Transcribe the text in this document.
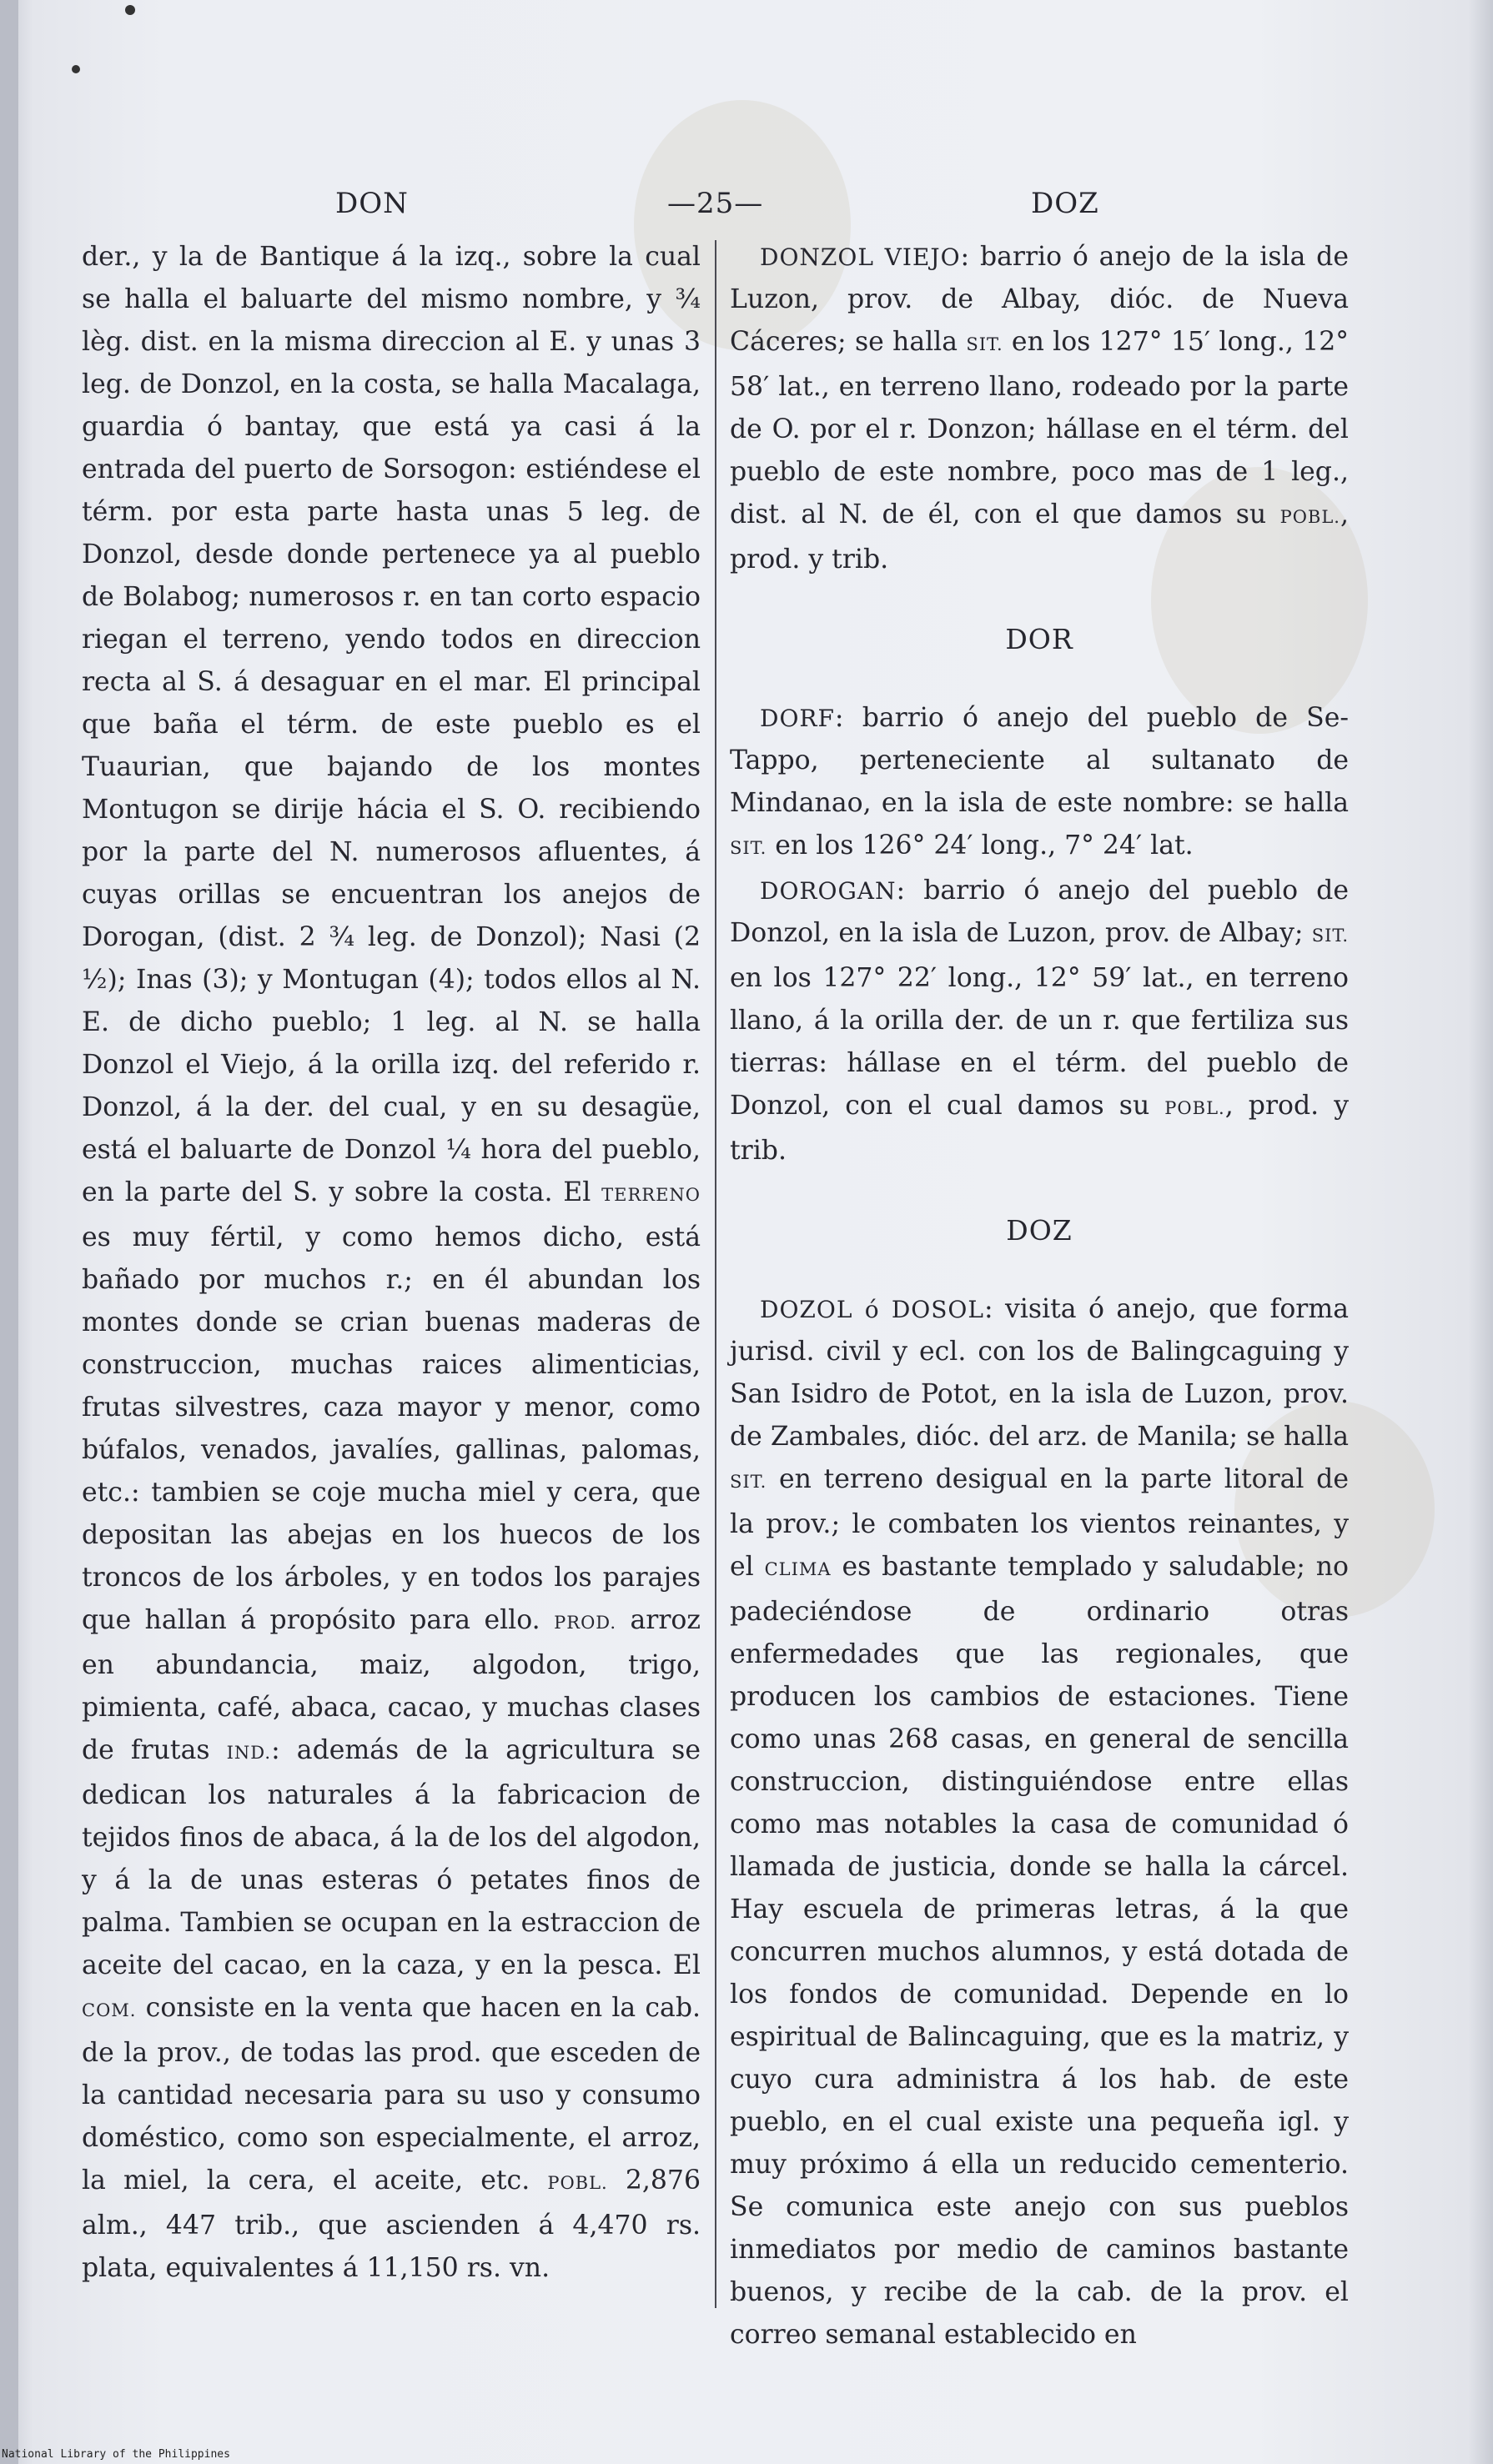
DON	—25—	DOZ

der., y la de Bantique á la izq., sobre la cual se halla el baluarte del mismo nombre, y ¾ lèg. dist. en la misma direccion al E. y unas 3 leg. de Donzol, en la costa, se halla Macalaga, guardia ó bantay, que está ya casi á la entrada del puerto de Sorsogon: estiéndese el térm. por esta parte hasta unas 5 leg. de Donzol, desde donde pertenece ya al pueblo de Bolabog; numerosos r. en tan corto espacio riegan el terreno, yendo todos en direccion recta al S. á desaguar en el mar. El principal que baña el térm. de este pueblo es el Tuaurian, que bajando de los montes Montugon se dirije hácia el S. O. recibiendo por la parte del N. numerosos afluentes, á cuyas orillas se encuentran los anejos de Dorogan, (dist. 2 ¾ leg. de Donzol); Nasi (2 ½); Inas (3); y Montugan (4); todos ellos al N. E. de dicho pueblo; 1 leg. al N. se halla Donzol el Viejo, á la orilla izq. del referido r. Donzol, á la der. del cual, y en su desagüe, está el baluarte de Donzol ¼ hora del pueblo, en la parte del S. y sobre la costa. El TERRENO es muy fértil, y como hemos dicho, está bañado por muchos r.; en él abundan los montes donde se crian buenas maderas de construccion, muchas raices alimenticias, frutas silvestres, caza mayor y menor, como búfalos, venados, javalíes, gallinas, palomas, etc.: tambien se coje mucha miel y cera, que depositan las abejas en los huecos de los troncos de los árboles, y en todos los parajes que hallan á propósito para ello. PROD. arroz en abundancia, maiz, algodon, trigo, pimienta, café, abaca, cacao, y muchas clases de frutas IND.: además de la agricultura se dedican los naturales á la fabricacion de tejidos finos de abaca, á la de los del algodon, y á la de unas esteras ó petates finos de palma. Tambien se ocupan en la estraccion de aceite del cacao, en la caza, y en la pesca. El COM. consiste en la venta que hacen en la cab. de la prov., de todas las prod. que esceden de la cantidad necesaria para su uso y consumo doméstico, como son especialmente, el arroz, la miel, la cera, el aceite, etc. POBL. 2,876 alm., 447 trib., que ascienden á 4,470 rs. plata, equivalentes á 11,150 rs. vn.

DONZOL VIEJO: barrio ó anejo de la isla de Luzon, prov. de Albay, dióc. de Nueva Cáceres; se halla SIT. en los 127° 15′ long., 12° 58′ lat., en terreno llano, rodeado por la parte de O. por el r. Donzon; hállase en el térm. del pueblo de este nombre, poco mas de 1 leg., dist. al N. de él, con el que damos su POBL., prod. y trib.

DOR

DORF: barrio ó anejo del pueblo de Se-Tappo, perteneciente al sultanato de Mindanao, en la isla de este nombre: se halla SIT. en los 126° 24′ long., 7° 24′ lat.

DOROGAN: barrio ó anejo del pueblo de Donzol, en la isla de Luzon, prov. de Albay; SIT. en los 127° 22′ long., 12° 59′ lat., en terreno llano, á la orilla der. de un r. que fertiliza sus tierras: hállase en el térm. del pueblo de Donzol, con el cual damos su POBL., prod. y trib.

DOZ

DOZOL ó DOSOL: visita ó anejo, que forma jurisd. civil y ecl. con los de Balingcaguing y San Isidro de Potot, en la isla de Luzon, prov. de Zambales, dióc. del arz. de Manila; se halla SIT. en terreno desigual en la parte litoral de la prov.; le combaten los vientos reinantes, y el CLIMA es bastante templado y saludable; no padeciéndose de ordinario otras enfermedades que las regionales, que producen los cambios de estaciones. Tiene como unas 268 casas, en general de sencilla construccion, distinguiéndose entre ellas como mas notables la casa de comunidad ó llamada de justicia, donde se halla la cárcel. Hay escuela de primeras letras, á la que concurren muchos alumnos, y está dotada de los fondos de comunidad. Depende en lo espiritual de Balincaguing, que es la matriz, y cuyo cura administra á los hab. de este pueblo, en el cual existe una pequeña igl. y muy próximo á ella un reducido cementerio. Se comunica este anejo con sus pueblos inmediatos por medio de caminos bastante buenos, y recibe de la cab. de la prov. el correo semanal establecido en

National Library of the Philippines
